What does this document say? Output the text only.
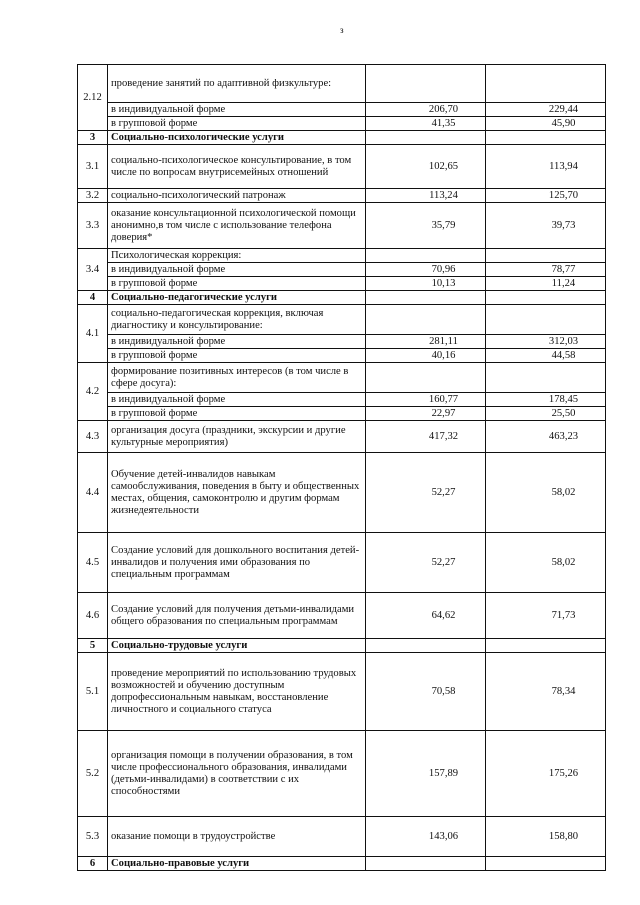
з
2.12	проведение занятий по адаптивной физкультуре:		
	в индивидуальной форме	206,70	229,44
	в групповой форме	41,35	45,90
3	Социально-психологические услуги		
3.1	социально-психологическое консультирование, в том числе по вопросам внутрисемейных отношений	102,65	113,94
3.2	социально-психологический патронаж	113,24	125,70
3.3	оказание консультационной психологической помощи анонимно,в том числе с использование телефона доверия*	35,79	39,73
3.4	Психологическая коррекция:		
	в индивидуальной форме	70,96	78,77
	в групповой форме	10,13	11,24
4	Социально-педагогические услуги		
4.1	социально-педагогическая коррекция, включая диагностику и консультирование:		
	в индивидуальной форме	281,11	312,03
	в групповой форме	40,16	44,58
4.2	формирование позитивных интересов (в том числе в сфере досуга):		
	в индивидуальной форме	160,77	178,45
	в групповой форме	22,97	25,50
4.3	организация досуга (праздники, экскурсии и другие культурные мероприятия)	417,32	463,23
4.4	Обучение детей-инвалидов навыкам самообслуживания, поведения в быту и общественных местах, общения, самоконтролю и другим формам жизнедеятельности	52,27	58,02
4.5	Создание условий для дошкольного воспитания детей-инвалидов и получения ими образования по специальным программам	52,27	58,02
4.6	Создание условий для получения детьми-инвалидами общего образования по специальным программам	64,62	71,73
5	Социально-трудовые услуги		
5.1	проведение мероприятий по использованию трудовых возможностей и обучению доступным допрофессиональным навыкам, восстановление личностного и социального статуса	70,58	78,34
5.2	организация помощи в получении образования, в том числе профессионального образования, инвалидами (детьми-инвалидами) в соответствии с их способностями	157,89	175,26
5.3	оказание помощи в трудоустройстве	143,06	158,80
6	Социально-правовые услуги		
